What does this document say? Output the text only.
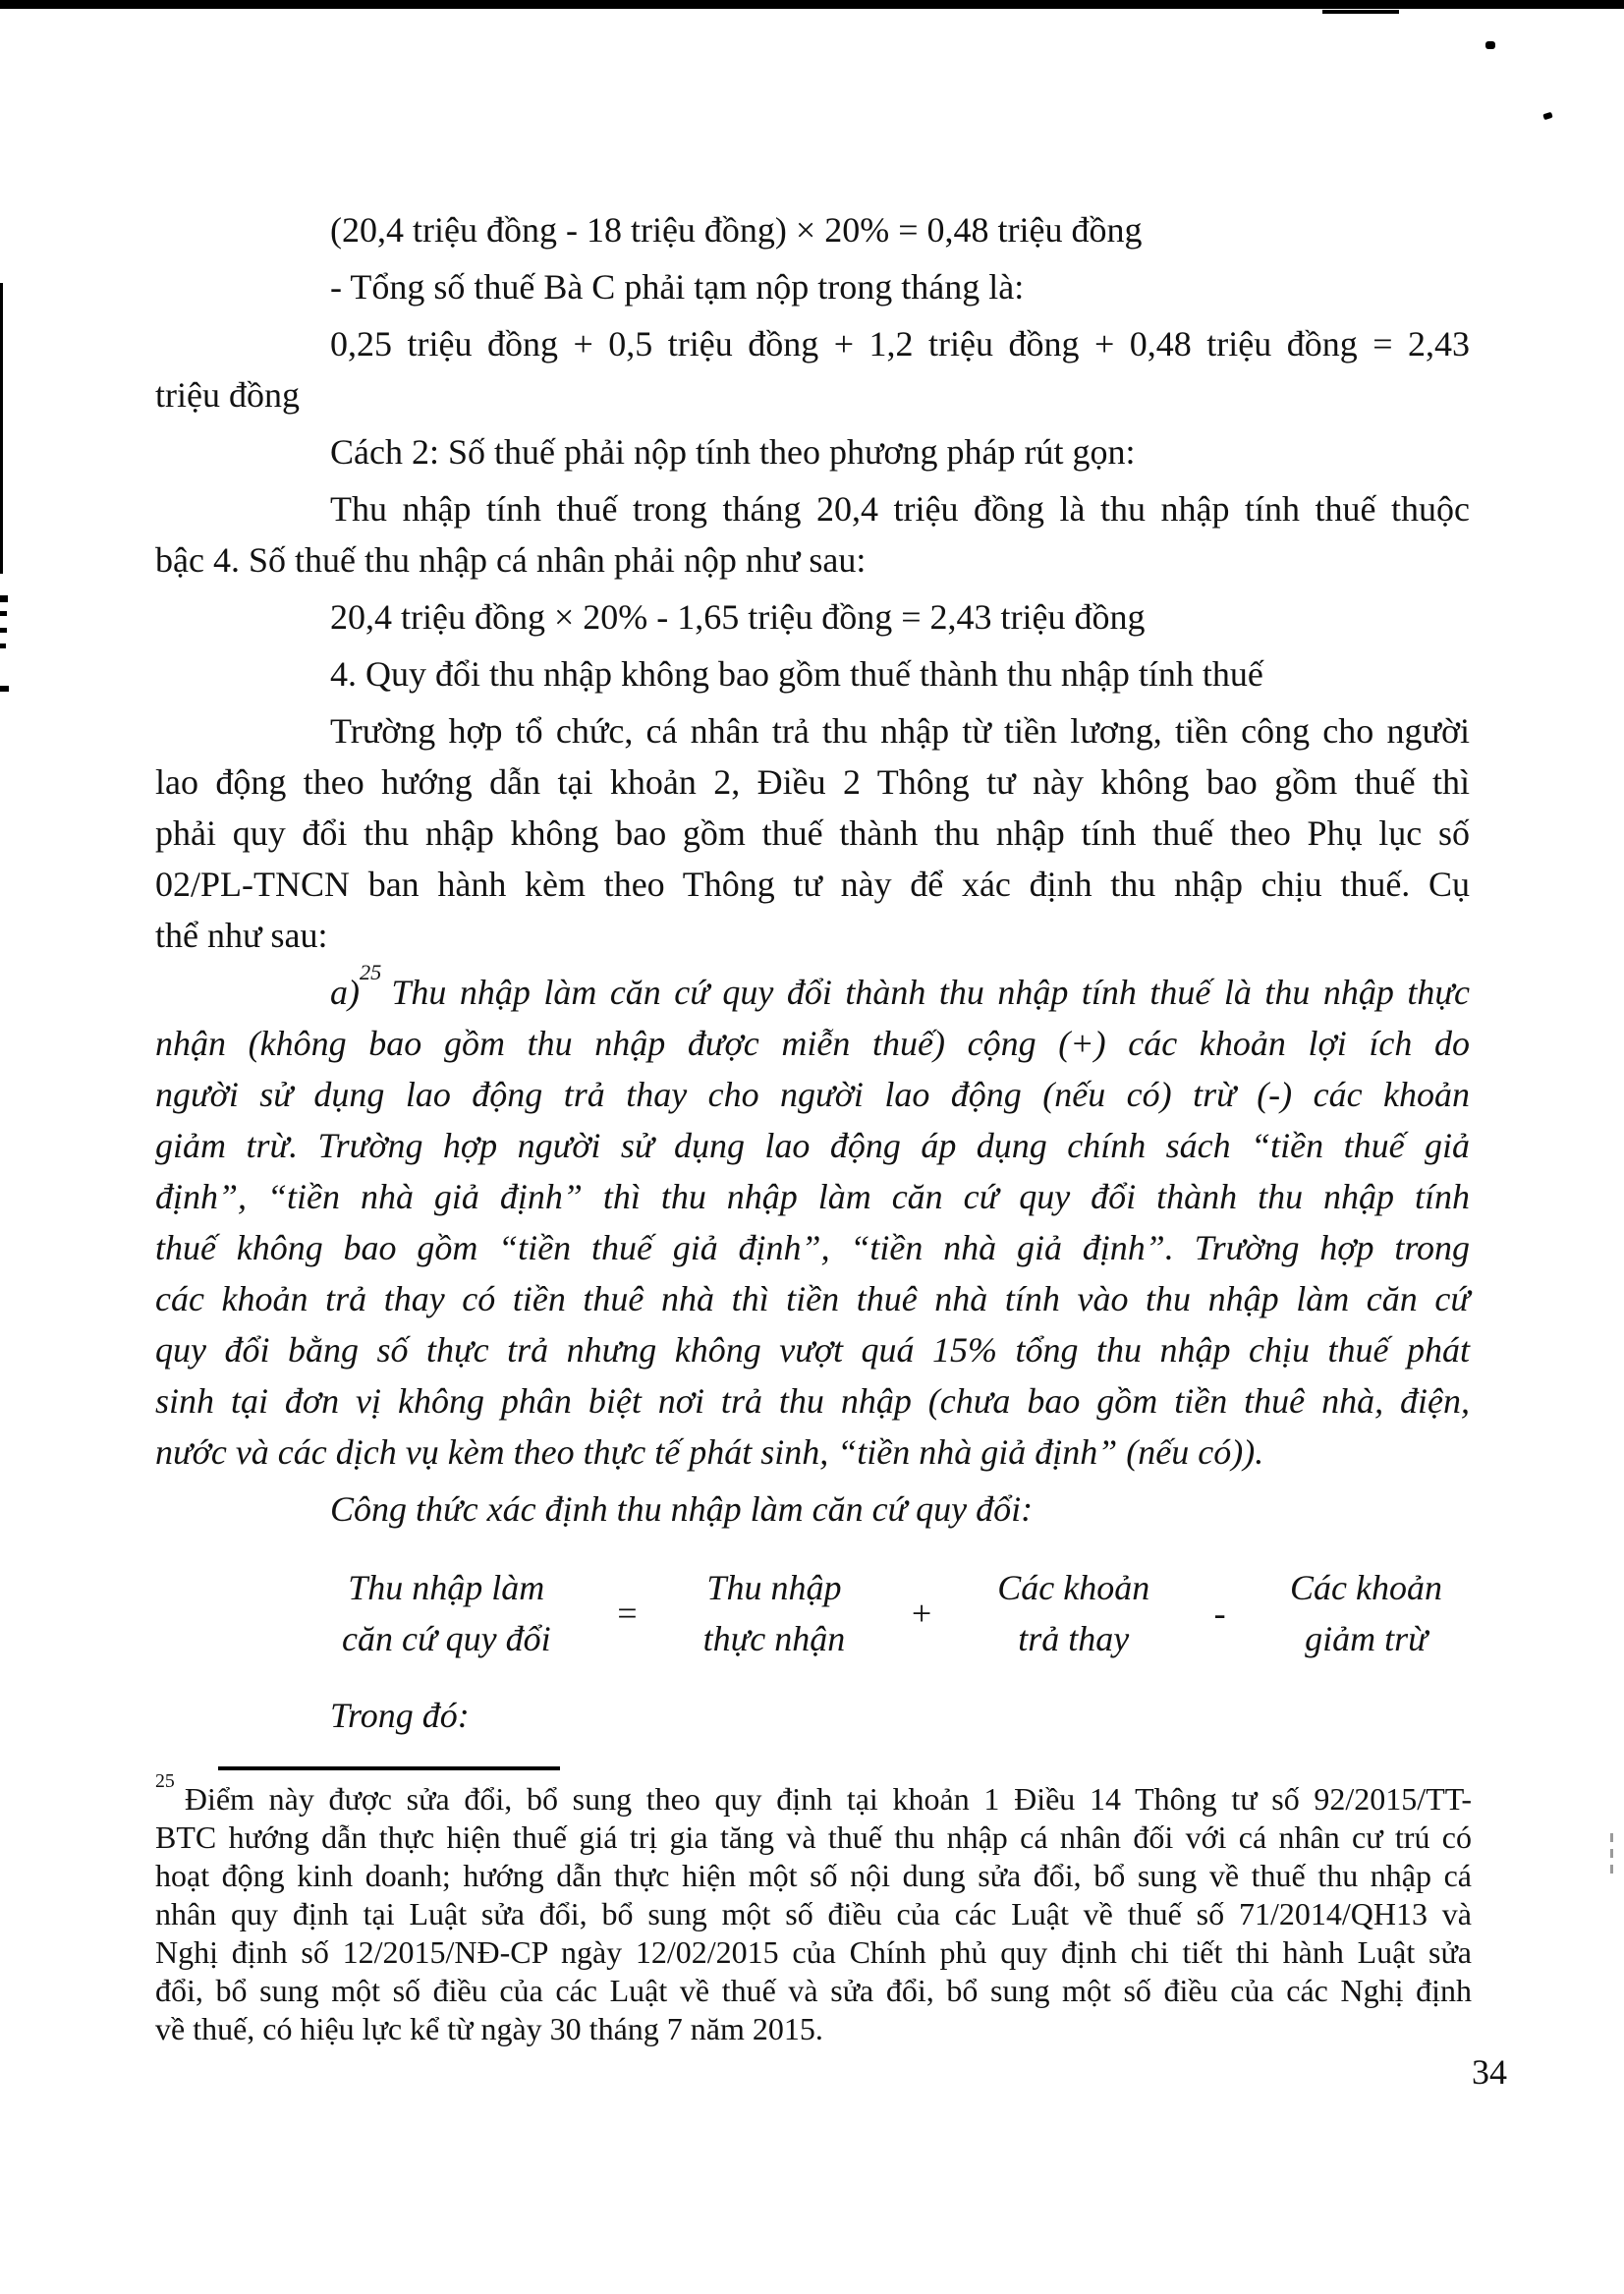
(20,4 triệu đồng - 18 triệu đồng) × 20% = 0,48 triệu đồng
- Tổng số thuế Bà C phải tạm nộp trong tháng là:
0,25 triệu đồng + 0,5 triệu đồng + 1,2 triệu đồng + 0,48 triệu đồng = 2,43
triệu đồng
Cách 2: Số thuế phải nộp tính theo phương pháp rút gọn:
Thu nhập tính thuế trong tháng 20,4 triệu đồng là thu nhập tính thuế thuộc
bậc 4. Số thuế thu nhập cá nhân phải nộp như sau:
20,4 triệu đồng × 20% - 1,65 triệu đồng = 2,43 triệu đồng
4. Quy đổi thu nhập không bao gồm thuế thành thu nhập tính thuế
Trường hợp tổ chức, cá nhân trả thu nhập từ tiền lương, tiền công cho người
lao động theo hướng dẫn tại khoản 2, Điều 2 Thông tư này không bao gồm thuế thì
phải quy đổi thu nhập không bao gồm thuế thành thu nhập tính thuế theo Phụ lục số
02/PL-TNCN ban hành kèm theo Thông tư này để xác định thu nhập chịu thuế. Cụ
thể như sau:
a)$^{25}$Thu nhập làm căn cứ quy đổi thành thu nhập tính thuế là thu nhập thực
nhận (không bao gồm thu nhập được miễn thuế) cộng (+) các khoản lợi ích do
người sử dụng lao động trả thay cho người lao động (nếu có) trừ (-) các khoản
giảm trừ. Trường hợp người sử dụng lao động áp dụng chính sách “tiền thuế giả
định”, “tiền nhà giả định” thì thu nhập làm căn cứ quy đổi thành thu nhập tính
thuế không bao gồm “tiền thuế giả định”, “tiền nhà giả định”. Trường hợp trong
các khoản trả thay có tiền thuê nhà thì tiền thuê nhà tính vào thu nhập làm căn cứ
quy đổi bằng số thực trả nhưng không vượt quá 15% tổng thu nhập chịu thuế phát
sinh tại đơn vị không phân biệt nơi trả thu nhập (chưa bao gồm tiền thuê nhà, điện,
nước và các dịch vụ kèm theo thực tế phát sinh, “tiền nhà giả định” (nếu có)).
Công thức xác định thu nhập làm căn cứ quy đổi:
Thu nhập làm
căn cứ quy đổi
=
Thu nhập
thực nhận
+
Các khoản
trả thay
-
Các khoản
giảm trừ
Trong đó:
$^{25}$ Điểm này được sửa đổi, bổ sung theo quy định tại khoản 1 Điều 14 Thông tư số 92/2015/TT-
BTC hướng dẫn thực hiện thuế giá trị gia tăng và thuế thu nhập cá nhân đối với cá nhân cư trú có
hoạt động kinh doanh; hướng dẫn thực hiện một số nội dung sửa đổi, bổ sung về thuế thu nhập cá
nhân quy định tại Luật sửa đổi, bổ sung một số điều của các Luật về thuế số 71/2014/QH13 và
Nghị định số 12/2015/NĐ-CP ngày 12/02/2015 của Chính phủ quy định chi tiết thi hành Luật sửa
đổi, bổ sung một số điều của các Luật về thuế và sửa đổi, bổ sung một số điều của các Nghị định
về thuế, có hiệu lực kể từ ngày 30 tháng 7 năm 2015.
34
